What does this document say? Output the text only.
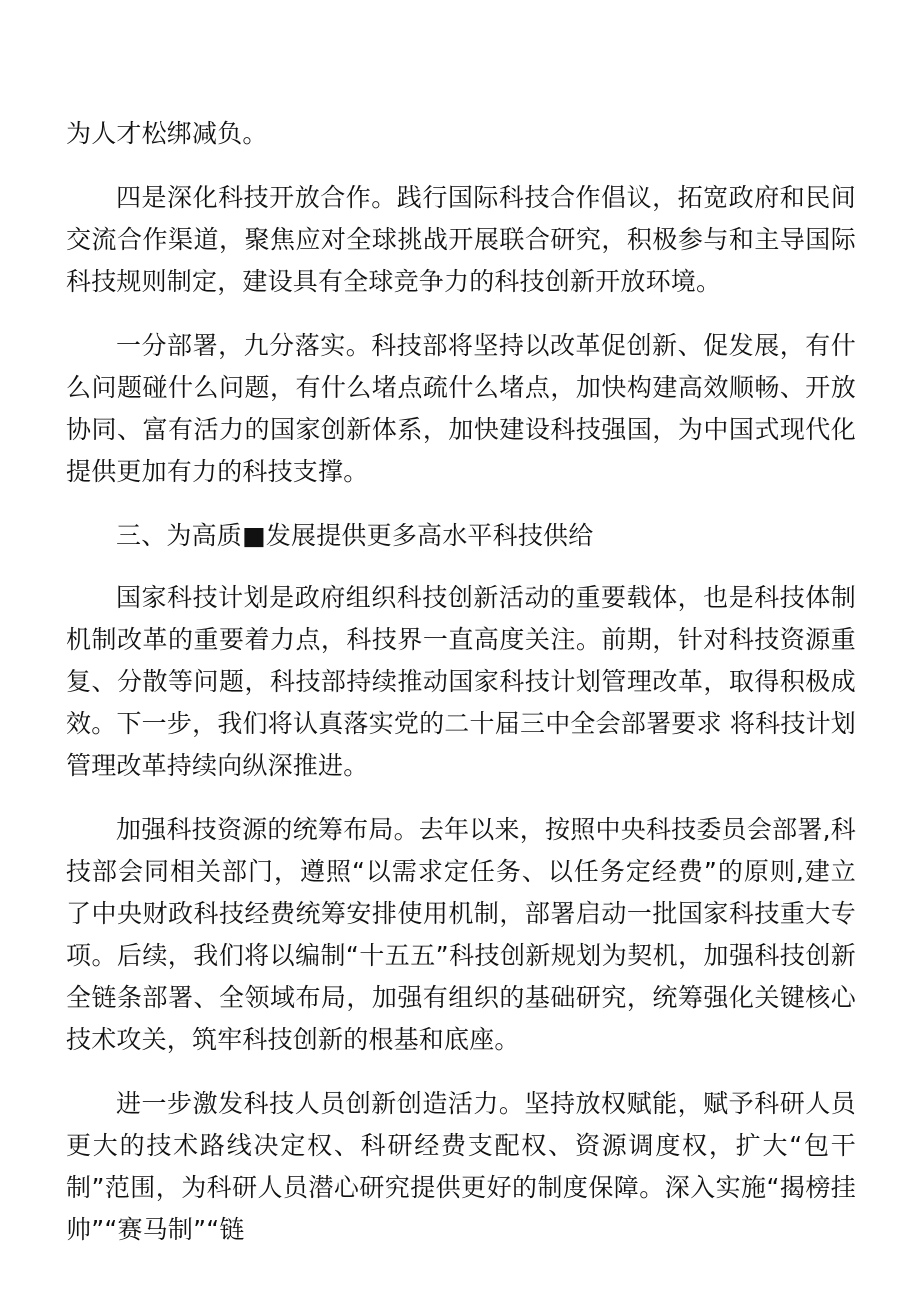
为人才松绑减负。

四是深化科技开放合作。践行国际科技合作倡议，拓宽政府和民间交流合作渠道，聚焦应对全球挑战开展联合研究，积极参与和主导国际科技规则制定，建设具有全球竞争力的科技创新开放环境。

一分部署，九分落实。科技部将坚持以改革促创新、促发展，有什么问题碰什么问题，有什么堵点疏什么堵点，加快构建高效顺畅、开放协同、富有活力的国家创新体系，加快建设科技强国，为中国式现代化提供更加有力的科技支撑。

三、为高质■发展提供更多高水平科技供给

国家科技计划是政府组织科技创新活动的重要载体，也是科技体制机制改革的重要着力点，科技界一直高度关注。前期，针对科技资源重复、分散等问题，科技部持续推动国家科技计划管理改革，取得积极成效。下一步，我们将认真落实党的二十届三中全会部署要求 将科技计划管理改革持续向纵深推进。

加强科技资源的统筹布局。去年以来，按照中央科技委员会部署,科技部会同相关部门，遵照“以需求定任务、以任务定经费”的原则,建立了中央财政科技经费统筹安排使用机制，部署启动一批国家科技重大专项。后续，我们将以编制“十五五”科技创新规划为契机，加强科技创新全链条部署、全领域布局，加强有组织的基础研究，统筹强化关键核心技术攻关，筑牢科技创新的根基和底座。

进一步激发科技人员创新创造活力。坚持放权赋能，赋予科研人员更大的技术路线决定权、科研经费支配权、资源调度权，扩大“包干制”范围，为科研人员潜心研究提供更好的制度保障。深入实施“揭榜挂帅”“赛马制”“链
